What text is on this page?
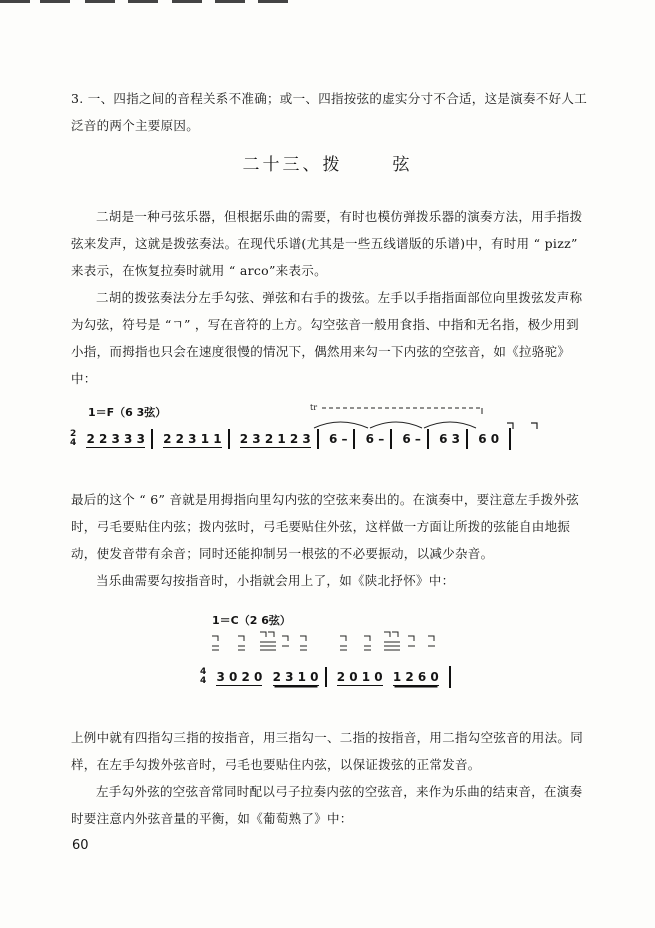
3. 一、四指之间的音程关系不准确；或一、四指按弦的虚实分寸不合适，这是演奏不好人工泛音的两个主要原因。

二十三、拨	弦

二胡是一种弓弦乐器，但根据乐曲的需要，有时也模仿弹拨乐器的演奏方法，用手指拨弦来发声，这就是拨弦奏法。在现代乐谱(尤其是一些五线谱版的乐谱)中，有时用 “ pizz” 来表示，在恢复拉奏时就用 “ arco”来表示。

二胡的拨弦奏法分左手勾弦、弹弦和右手的拨弦。左手以手指指面部位向里拨弦发声称为勾弦，符号是 “ㄱ” ，写在音符的上方。勾空弦音一般用食指、中指和无名指，极少用到小指，而拇指也只会在速度很慢的情况下，偶然用来勾一下内弦的空弦音，如《拉骆驼》中：

1＝F（6 3弦）	tr
2
4 2 2 3 3 3 2 2 3 1 1 2 3 2 1 2 3 6 – 6 – 6 – 6 3 6 0

最后的这个 “ 6” 音就是用拇指向里勾内弦的空弦来奏出的。在演奏中，要注意左手拨外弦时，弓毛要贴住内弦；拨内弦时，弓毛要贴住外弦，这样做一方面让所拨的弦能自由地振动，使发音带有余音；同时还能抑制另一根弦的不必要振动，以减少杂音。

当乐曲需要勾按指音时，小指就会用上了，如《陕北抒怀》中：

1＝C（2 6弦）
4
4 3 0 2 0 2 3 1 0 2 0 1 0 1 2 6 0

上例中就有四指勾三指的按指音，用三指勾一、二指的按指音，用二指勾空弦音的用法。同样，在左手勾拨外弦音时，弓毛也要贴住内弦，以保证拨弦的正常发音。

左手勾外弦的空弦音常同时配以弓子拉奏内弦的空弦音，来作为乐曲的结束音，在演奏时要注意内外弦音量的平衡，如《葡萄熟了》中：

60
